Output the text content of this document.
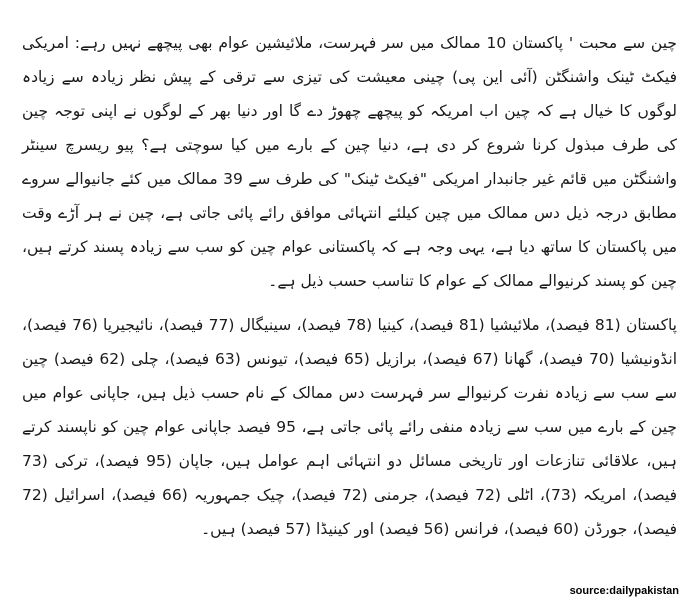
چین سے محبت ' پاکستان 10 ممالک میں سر فہرست، ملائیشین عوام بھی پیچھے نہیں رہے: امریکی فیکٹ ٹینک واشنگٹن (آئی این پی) چینی معیشت کی تیزی سے ترقی کے پیش نظر زیادہ سے زیادہ لوگوں کا خیال ہے کہ چین اب امریکہ کو پیچھے چھوڑ دے گا اور دنیا بھر کے لوگوں نے اپنی توجہ چین کی طرف مبذول کرنا شروع کر دی ہے، دنیا چین کے بارے میں کیا سوچتی ہے؟ پیو ریسرچ سینٹر واشنگٹن میں قائم غیر جانبدار امریکی "فیکٹ ٹینک" کی طرف سے 39 ممالک میں کئے جانیوالے سروے مطابق درجہ ذیل دس ممالک میں چین کیلئے انتہائی موافق رائے پائی جاتی ہے، چین نے ہر آڑے وقت میں پاکستان کا ساتھ دیا ہے، یہی وجہ ہے کہ پاکستانی عوام چین کو سب سے زیادہ پسند کرتے ہیں، چین کو پسند کرنیوالے ممالک کے عوام کا تناسب حسب ذیل ہے۔

پاکستان (81 فیصد)، ملائیشیا (81 فیصد)، کینیا (78 فیصد)، سینیگال (77 فیصد)، نائیجیریا (76 فیصد)، انڈونیشیا (70 فیصد)، گھانا (67 فیصد)، برازیل (65 فیصد)، تیونس (63 فیصد)، چلی (62 فیصد) چین سے سب سے زیادہ نفرت کرنیوالے سر فہرست دس ممالک کے نام حسب ذیل ہیں، جاپانی عوام میں چین کے بارے میں سب سے زیادہ منفی رائے پائی جاتی ہے، 95 فیصد جاپانی عوام چین کو ناپسند کرتے ہیں، علاقائی تنازعات اور تاریخی مسائل دو انتہائی اہم عوامل ہیں، جاپان (95 فیصد)، ترکی (73 فیصد)، امریکہ (73)، اٹلی (72 فیصد)، جرمنی (72 فیصد)، چیک جمہوریہ (66 فیصد)، اسرائیل (72 فیصد)، جورڈن (60 فیصد)، فرانس (56 فیصد) اور کینیڈا (57 فیصد) ہیں۔

source:dailypakistan
